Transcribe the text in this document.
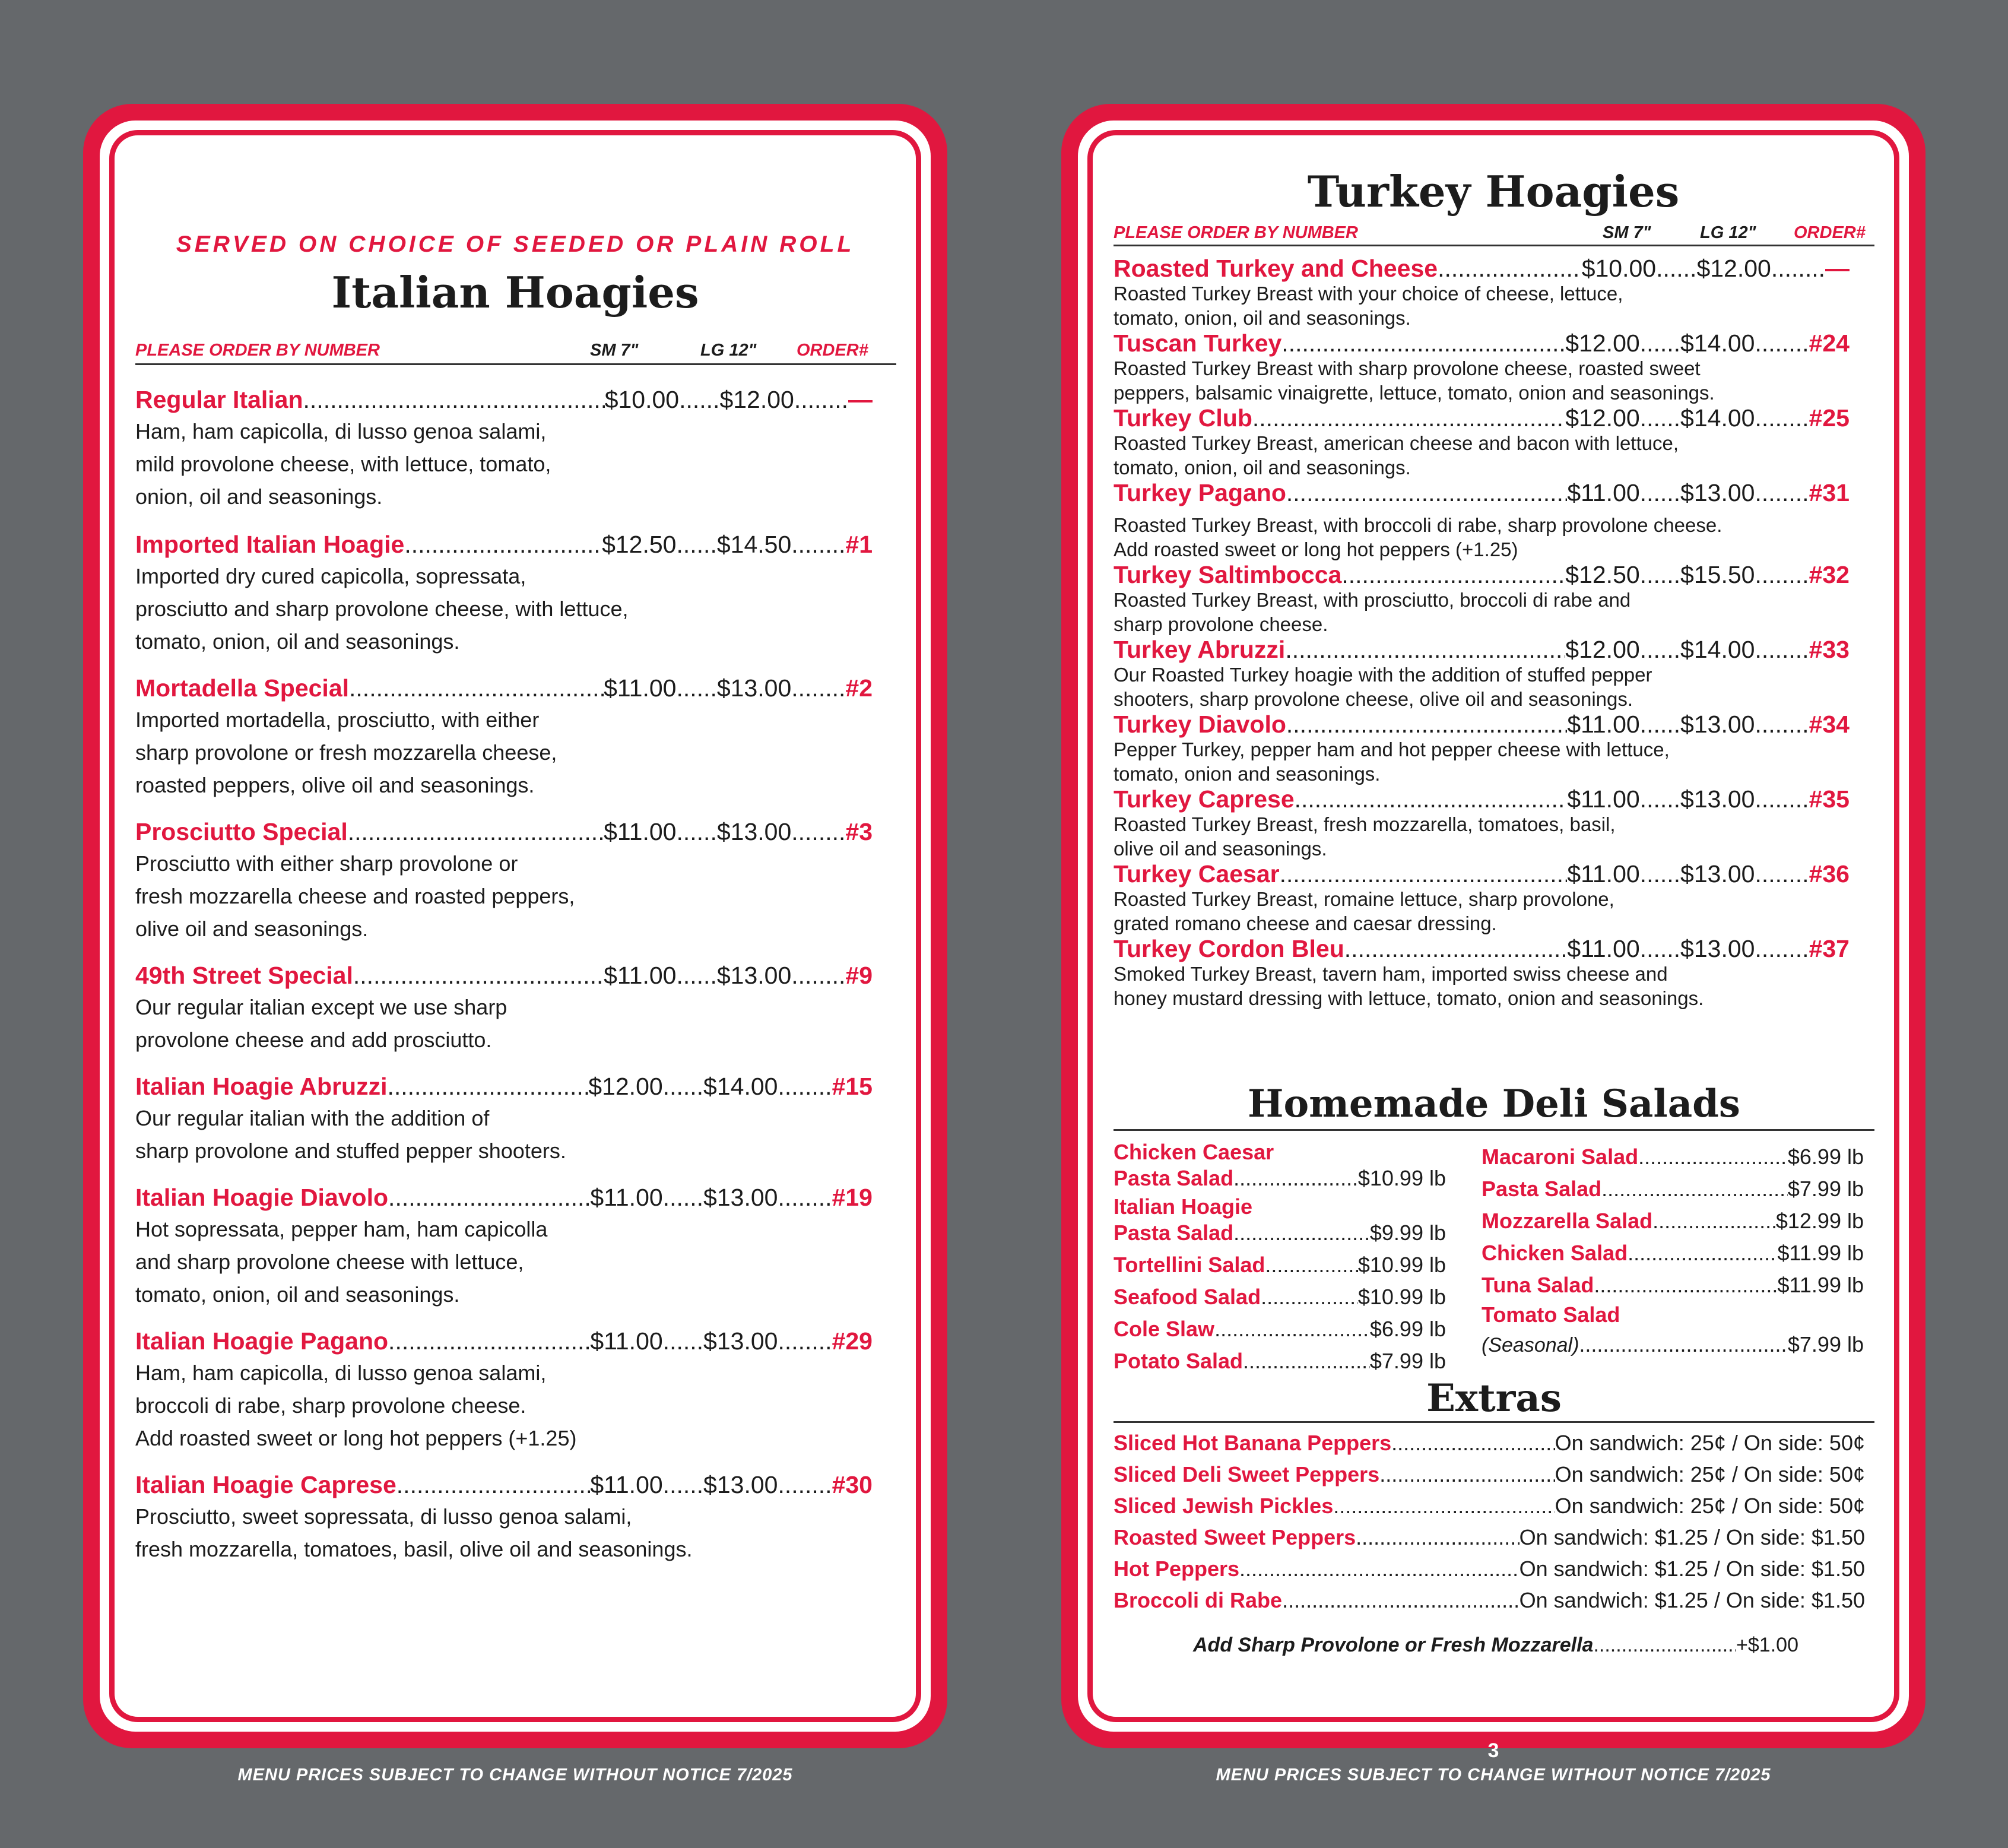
SERVED ON CHOICE OF SEEDED OR PLAIN ROLL
Italian Hoagies
PLEASE ORDER BY NUMBER	SM 7"	LG 12" ORDER#
Regular Italian .....	$10.00 ...... $12.00 ........ —
Ham, ham capicolla, di lusso genoa salami,
mild provolone cheese, with lettuce, tomato,
onion, oil and seasonings.
Imported Italian Hoagie .....	$12.50 ...... $14.50 ........ #1
Imported dry cured capicolla, sopressata,
prosciutto and sharp provolone cheese, with lettuce,
tomato, onion, oil and seasonings.
Mortadella Special .....	$11.00 ...... $13.00 ........ #2
Imported mortadella, prosciutto, with either
sharp provolone or fresh mozzarella cheese,
roasted peppers, olive oil and seasonings.
Prosciutto Special .....	$11.00 ...... $13.00 ........ #3
Prosciutto with either sharp provolone or
fresh mozzarella cheese and roasted peppers,
olive oil and seasonings.
49th Street Special .....	$11.00 ...... $13.00 ........ #9
Our regular italian except we use sharp
provolone cheese and add prosciutto.
Italian Hoagie Abruzzi .....	$12.00 ...... $14.00 ........ #15
Our regular italian with the addition of
sharp provolone and stuffed pepper shooters.
Italian Hoagie Diavolo .....	$11.00 ...... $13.00 ........ #19
Hot sopressata, pepper ham, ham capicolla
and sharp provolone cheese with lettuce,
tomato, onion, oil and seasonings.
Italian Hoagie Pagano .....	$11.00 ...... $13.00 ........ #29
Ham, ham capicolla, di lusso genoa salami,
broccoli di rabe, sharp provolone cheese.
Add roasted sweet or long hot peppers (+1.25)
Italian Hoagie Caprese .....	$11.00 ...... $13.00 ........ #30
Prosciutto, sweet sopressata, di lusso genoa salami,
fresh mozzarella, tomatoes, basil, olive oil and seasonings.
MENU PRICES SUBJECT TO CHANGE WITHOUT NOTICE 7/2025
Turkey Hoagies
PLEASE ORDER BY NUMBER	SM 7"	LG 12" ORDER#
Roasted Turkey and Cheese .....	$10.00 ...... $12.00 ........ —
Roasted Turkey Breast with your choice of cheese, lettuce,
tomato, onion, oil and seasonings.
Tuscan Turkey .....	$12.00 ...... $14.00 ........ #24
Roasted Turkey Breast with sharp provolone cheese, roasted sweet
peppers, balsamic vinaigrette, lettuce, tomato, onion and seasonings.
Turkey Club .....	$12.00 ...... $14.00 ........ #25
Roasted Turkey Breast, american cheese and bacon with lettuce,
tomato, onion, oil and seasonings.
Turkey Pagano .....	$11.00 ...... $13.00 ........ #31
Roasted Turkey Breast, with broccoli di rabe, sharp provolone cheese.
Add roasted sweet or long hot peppers (+1.25)
Turkey Saltimbocca .....	$12.50 ...... $15.50 ........ #32
Roasted Turkey Breast, with prosciutto, broccoli di rabe and
sharp provolone cheese.
Turkey Abruzzi .....	$12.00 ...... $14.00 ........ #33
Our Roasted Turkey hoagie with the addition of stuffed pepper
shooters, sharp provolone cheese, olive oil and seasonings.
Turkey Diavolo .....	$11.00 ...... $13.00 ........ #34
Pepper Turkey, pepper ham and hot pepper cheese with lettuce,
tomato, onion and seasonings.
Turkey Caprese .....	$11.00 ...... $13.00 ........ #35
Roasted Turkey Breast, fresh mozzarella, tomatoes, basil,
olive oil and seasonings.
Turkey Caesar .....	$11.00 ...... $13.00 ........ #36
Roasted Turkey Breast, romaine lettuce, sharp provolone,
grated romano cheese and caesar dressing.
Turkey Cordon Bleu .....	$11.00 ...... $13.00 ........ #37
Smoked Turkey Breast, tavern ham, imported swiss cheese and
honey mustard dressing with lettuce, tomato, onion and seasonings.
Homemade Deli Salads
Chicken Caesar
Pasta Salad .....	$10.99 lb
Italian Hoagie
Pasta Salad .....	$9.99 lb
Tortellini Salad .....	$10.99 lb
Seafood Salad .....	$10.99 lb
Cole Slaw .....	$6.99 lb
Potato Salad .....	$7.99 lb
Macaroni Salad .....	$6.99 lb
Pasta Salad .....	$7.99 lb
Mozzarella Salad .....	$12.99 lb
Chicken Salad .....	$11.99 lb
Tuna Salad .....	$11.99 lb
Tomato Salad
(Seasonal) .....	$7.99 lb
Extras
Sliced Hot Banana Peppers .....	On sandwich: 25¢ / On side: 50¢
Sliced Deli Sweet Peppers .....	On sandwich: 25¢ / On side: 50¢
Sliced Jewish Pickles .....	On sandwich: 25¢ / On side: 50¢
Roasted Sweet Peppers .....	On sandwich: $1.25 / On side: $1.50
Hot Peppers .....	On sandwich: $1.25 / On side: $1.50
Broccoli di Rabe .....	On sandwich: $1.25 / On side: $1.50
Add Sharp Provolone or Fresh Mozzarella .....	+$1.00
3
MENU PRICES SUBJECT TO CHANGE WITHOUT NOTICE 7/2025
